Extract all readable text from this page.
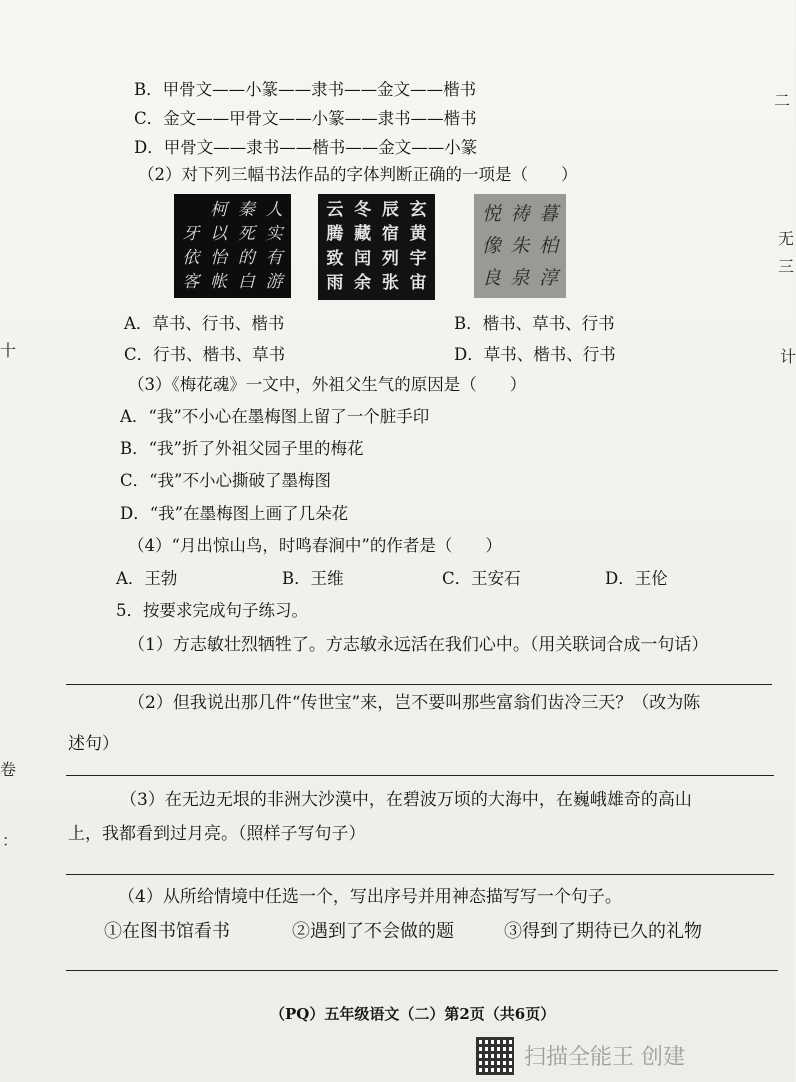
B．甲骨文——小篆——隶书——金文——楷书
C．金文——甲骨文——小篆——隶书——楷书
D．甲骨文——隶书——楷书——金文——小篆
（2）对下列三幅书法作品的字体判断正确的一项是（　　）
柯 秦 人
牙 以 死 实
依 怡 的 有
客 帐 白 游
云 冬 辰 玄
腾 藏 宿 黄
致 闰 列 宇
雨 余 张 宙
悦 祷 暮
像 朱 柏
良 泉 淳
A．草书、行书、楷书	B．楷书、草书、行书
C．行书、楷书、草书	D．草书、楷书、行书
（3）《梅花魂》一文中，外祖父生气的原因是（　　）
A．“我”不小心在墨梅图上留了一个脏手印
B．“我”折了外祖父园子里的梅花
C．“我”不小心撕破了墨梅图
D．“我”在墨梅图上画了几朵花
（4）“月出惊山鸟，时鸣春涧中”的作者是（　　）
A．王勃	B．王维	C．王安石	D．王伦
5．按要求完成句子练习。
（1）方志敏壮烈牺牲了。方志敏永远活在我们心中。（用关联词合成一句话）
（2）但我说出那几件“传世宝”来，岂不要叫那些富翁们齿冷三天？（改为陈
述句）
（3）在无边无垠的非洲大沙漠中，在碧波万顷的大海中，在巍峨雄奇的高山
上，我都看到过月亮。（照样子写句子）
（4）从所给情境中任选一个，写出序号并用神态描写写一个句子。
①在图书馆看书	②遇到了不会做的题	③得到了期待已久的礼物
（PQ）五年级语文（二）第2页（共6页）
十
卷
：
二
无
三
计
扫描全能王 创建
